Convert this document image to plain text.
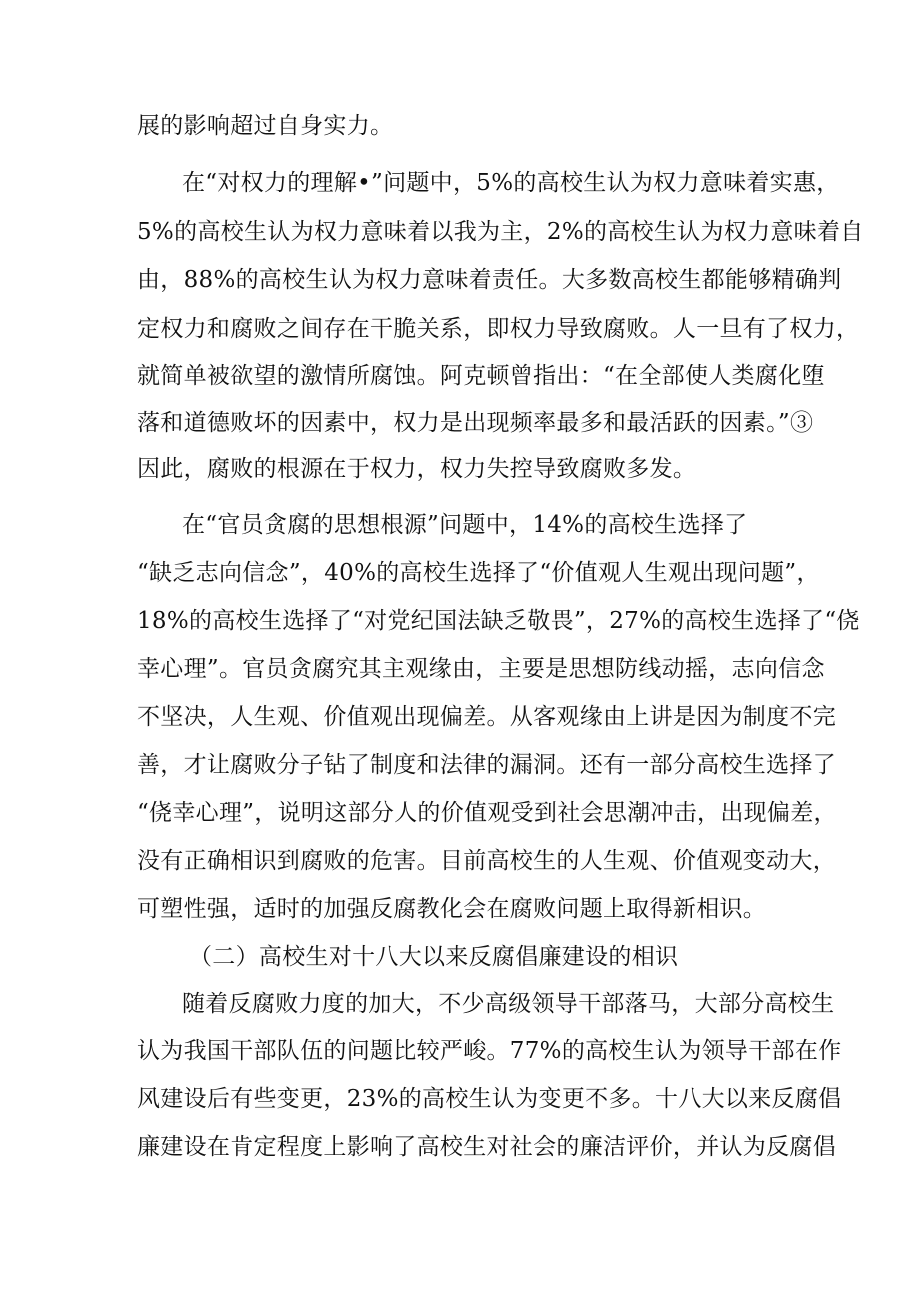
展的影响超过自身实力。
在“对权力的理解•”问题中，5%的高校生认为权力意味着实惠，
5%的高校生认为权力意味着以我为主，2%的高校生认为权力意味着自
由，88%的高校生认为权力意味着责任。大多数高校生都能够精确判
定权力和腐败之间存在干脆关系，即权力导致腐败。人一旦有了权力，
就简单被欲望的激情所腐蚀。阿克顿曾指出：“在全部使人类腐化堕
落和道德败坏的因素中，权力是出现频率最多和最活跃的因素。”③
因此，腐败的根源在于权力，权力失控导致腐败多发。
在“官员贪腐的思想根源”问题中，14%的高校生选择了
“缺乏志向信念”，40%的高校生选择了“价值观人生观出现问题”，
18%的高校生选择了“对党纪国法缺乏敬畏”，27%的高校生选择了“侥
幸心理”。官员贪腐究其主观缘由，主要是思想防线动摇，志向信念
不坚决，人生观、价值观出现偏差。从客观缘由上讲是因为制度不完
善，才让腐败分子钻了制度和法律的漏洞。还有一部分高校生选择了
“侥幸心理”，说明这部分人的价值观受到社会思潮冲击，出现偏差，
没有正确相识到腐败的危害。目前高校生的人生观、价值观变动大，
可塑性强，适时的加强反腐教化会在腐败问题上取得新相识。
（二）高校生对十八大以来反腐倡廉建设的相识
随着反腐败力度的加大，不少高级领导干部落马，大部分高校生
认为我国干部队伍的问题比较严峻。77%的高校生认为领导干部在作
风建设后有些变更，23%的高校生认为变更不多。十八大以来反腐倡
廉建设在肯定程度上影响了高校生对社会的廉洁评价，并认为反腐倡
